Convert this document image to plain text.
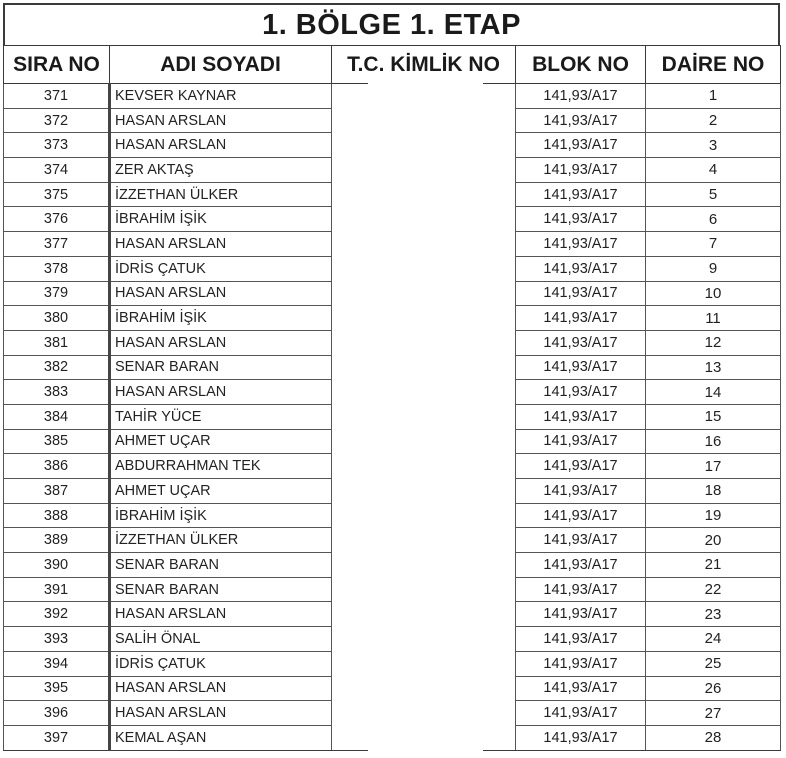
1. BÖLGE 1. ETAP
SIRA NO	ADI SOYADI	T.C. KİMLİK NO	BLOK NO	DAİRE NO
371	KEVSER KAYNAR		141,93/A17	1
372	HASAN ARSLAN		141,93/A17	2
373	HASAN ARSLAN		141,93/A17	3
374	ZER AKTAŞ		141,93/A17	4
375	İZZETHAN ÜLKER		141,93/A17	5
376	İBRAHİM İŞİK		141,93/A17	6
377	HASAN ARSLAN		141,93/A17	7
378	İDRİS ÇATUK		141,93/A17	9
379	HASAN ARSLAN		141,93/A17	10
380	İBRAHİM İŞİK		141,93/A17	11
381	HASAN ARSLAN		141,93/A17	12
382	SENAR BARAN		141,93/A17	13
383	HASAN ARSLAN		141,93/A17	14
384	TAHİR YÜCE		141,93/A17	15
385	AHMET UÇAR		141,93/A17	16
386	ABDURRAHMAN TEK		141,93/A17	17
387	AHMET UÇAR		141,93/A17	18
388	İBRAHİM İŞİK		141,93/A17	19
389	İZZETHAN ÜLKER		141,93/A17	20
390	SENAR BARAN		141,93/A17	21
391	SENAR BARAN		141,93/A17	22
392	HASAN ARSLAN		141,93/A17	23
393	SALİH ÖNAL		141,93/A17	24
394	İDRİS ÇATUK		141,93/A17	25
395	HASAN ARSLAN		141,93/A17	26
396	HASAN ARSLAN		141,93/A17	27
397	KEMAL AŞAN		141,93/A17	28
